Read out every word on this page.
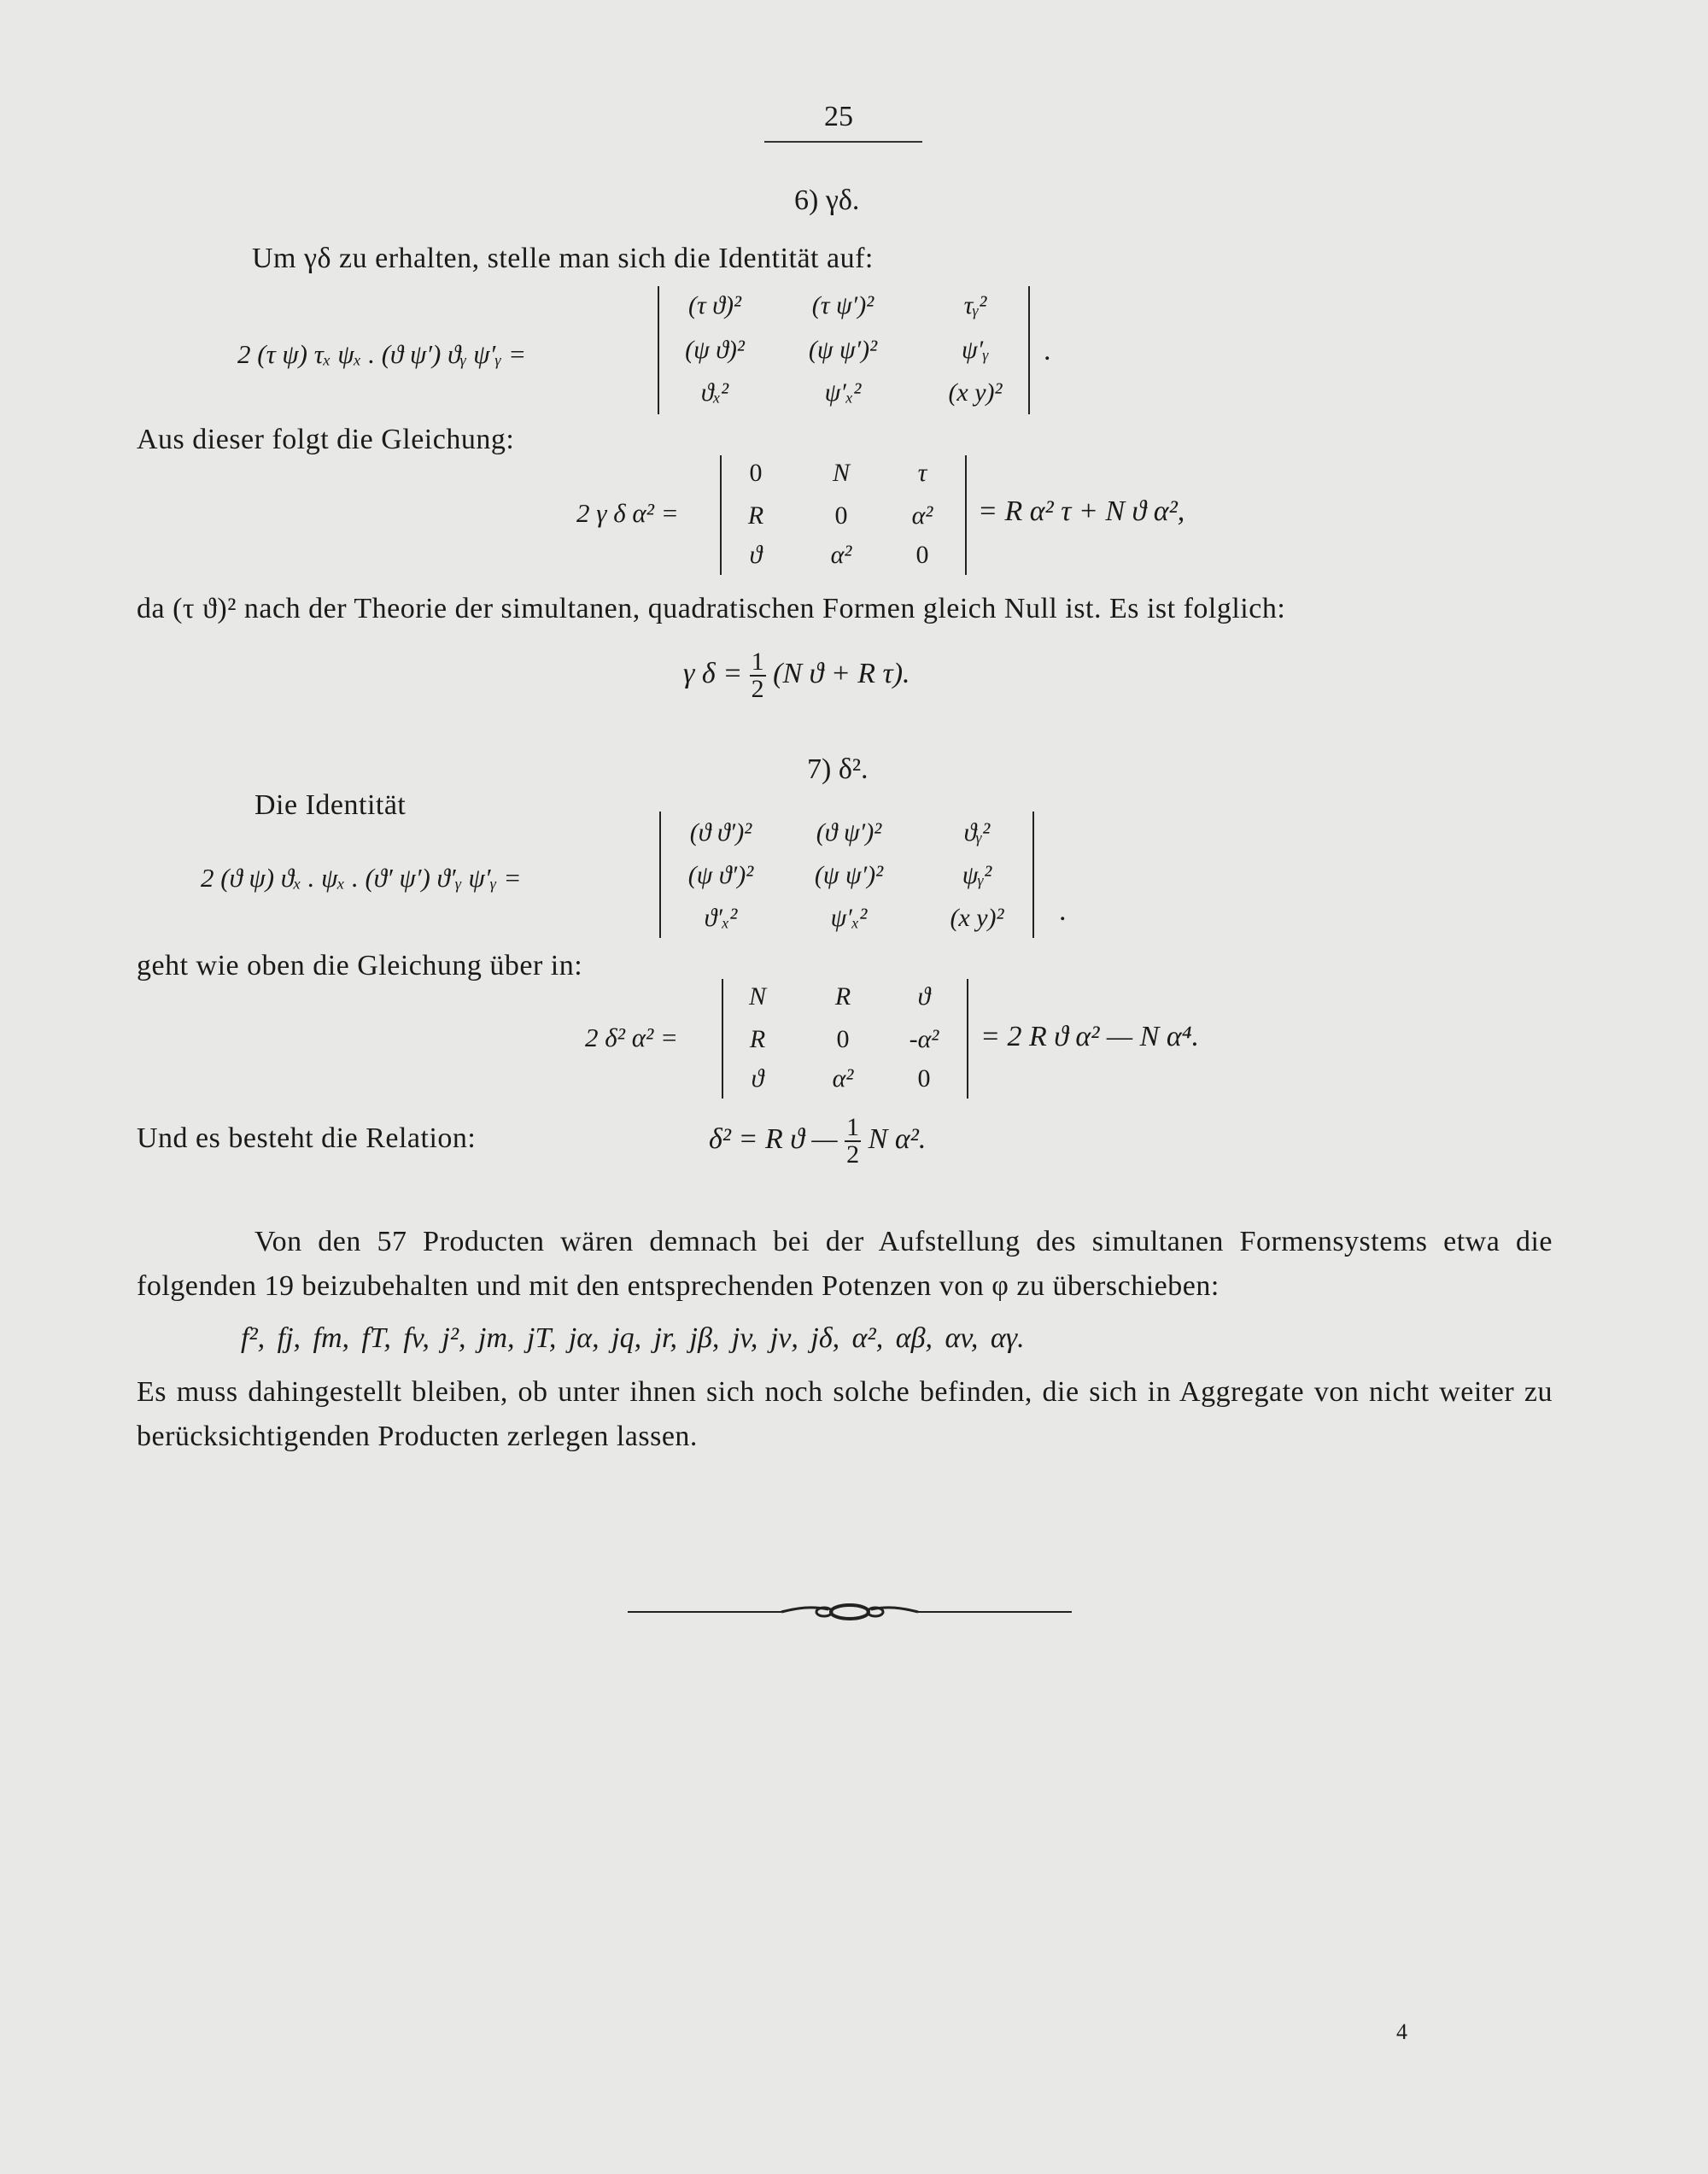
25
6) γδ.
Um γδ zu erhalten, stelle man sich die Identität auf:
2 (τ ψ) τₓ ψₓ . (ϑ ψ′) ϑᵧ ψ′ᵧ =
(τ ϑ)²	(τ ψ′)²	τᵧ²
(ψ ϑ)²	(ψ ψ′)²	ψ′ᵧ
ϑₓ²	ψ′ₓ²	(x y)²
.
Aus dieser folgt die Gleichung:
2 γ δ α² =
0	N	τ
R	0	α²
ϑ	α²	0
= R α² τ + N ϑ α²,
da (τ ϑ)² nach der Theorie der simultanen, quadratischen Formen gleich Null ist. Es ist folglich:
γ $\delta = \frac{1}{2} (N$ ϑ + R τ).
7) δ².
Die Identität
2 (ϑ ψ) ϑₓ . ψₓ . (ϑ′ ψ′) ϑ′ᵧ ψ′ᵧ =
(ϑ ϑ′)²	(ϑ ψ′)²	ϑᵧ²
(ψ ϑ′)²	(ψ ψ′)²	ψᵧ²
ϑ′ₓ²	ψ′ₓ²	(x y)²	.
geht wie oben die Gleichung über in:
2 δ² α² =
N	R	ϑ
R	0	-α²
ϑ	α²	0
= 2 R ϑ α² — N α⁴.
Und es besteht die Relation:	δ² = R ϑ — $\frac{1}{2}$ N α².
Von den 57 Producten wären demnach bei der Aufstellung des simultanen Formensystems etwa die folgenden 19 beizubehalten und mit den entsprechenden Potenzen von φ zu überschieben:
f², fj, fm, fT, fv, j², jm, jT, jα, jq, jr, jβ, jv, jν, jδ, α², αβ, αv, αγ.
Es muss dahingestellt bleiben, ob unter ihnen sich noch solche befinden, die sich in Aggregate von nicht weiter zu berücksichtigenden Producten zerlegen lassen.
4
